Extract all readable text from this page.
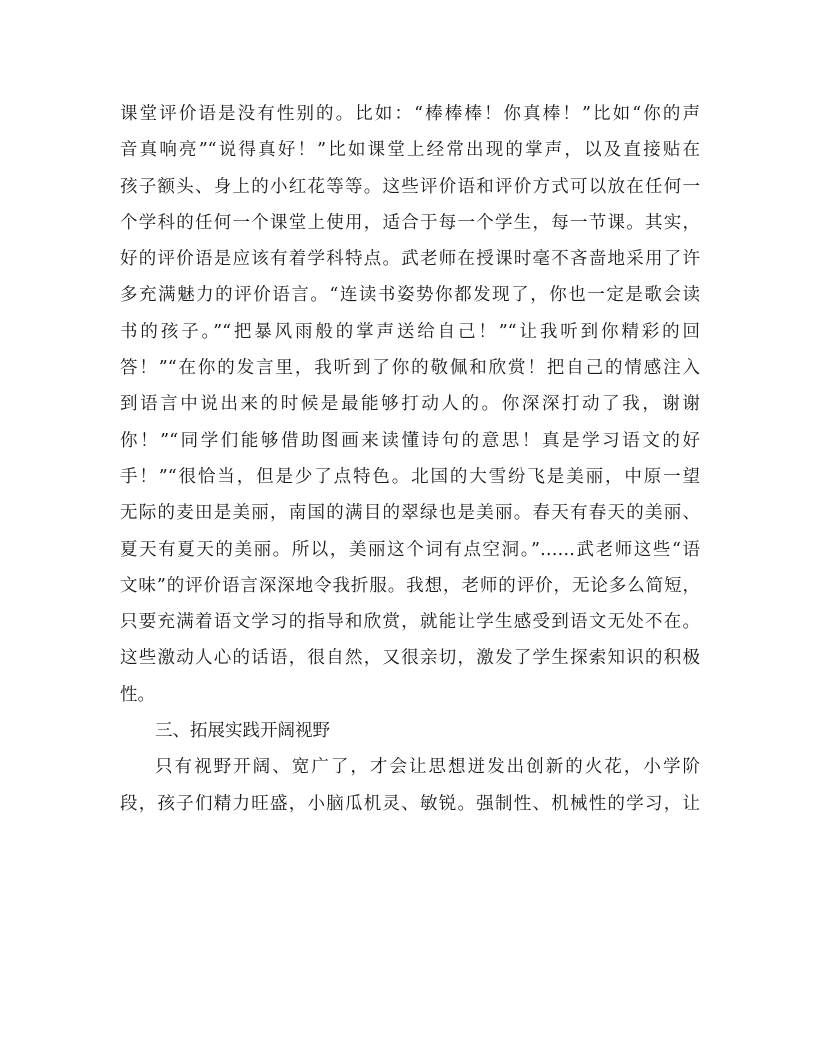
课堂评价语是没有性别的。比如：“棒棒棒！你真棒！”比如“你的声
音真响亮”“说得真好！”比如课堂上经常出现的掌声，以及直接贴在
孩子额头、身上的小红花等等。这些评价语和评价方式可以放在任何一
个学科的任何一个课堂上使用，适合于每一个学生，每一节课。其实，
好的评价语是应该有着学科特点。武老师在授课时毫不吝啬地采用了许
多充满魅力的评价语言。“连读书姿势你都发现了，你也一定是歌会读
书的孩子。”“把暴风雨般的掌声送给自己！”“让我听到你精彩的回
答！”“在你的发言里，我听到了你的敬佩和欣赏！把自己的情感注入
到语言中说出来的时候是最能够打动人的。你深深打动了我，谢谢
你！”“同学们能够借助图画来读懂诗句的意思！真是学习语文的好
手！”“很恰当，但是少了点特色。北国的大雪纷飞是美丽，中原一望
无际的麦田是美丽，南国的满目的翠绿也是美丽。春天有春天的美丽、
夏天有夏天的美丽。所以，美丽这个词有点空洞。”……武老师这些“语
文味”的评价语言深深地令我折服。我想，老师的评价，无论多么简短，
只要充满着语文学习的指导和欣赏，就能让学生感受到语文无处不在。
这些激动人心的话语，很自然，又很亲切，激发了学生探索知识的积极
性。
三、拓展实践开阔视野
只有视野开阔、宽广了，才会让思想迸发出创新的火花，小学阶
段，孩子们精力旺盛，小脑瓜机灵、敏锐。强制性、机械性的学习，让
